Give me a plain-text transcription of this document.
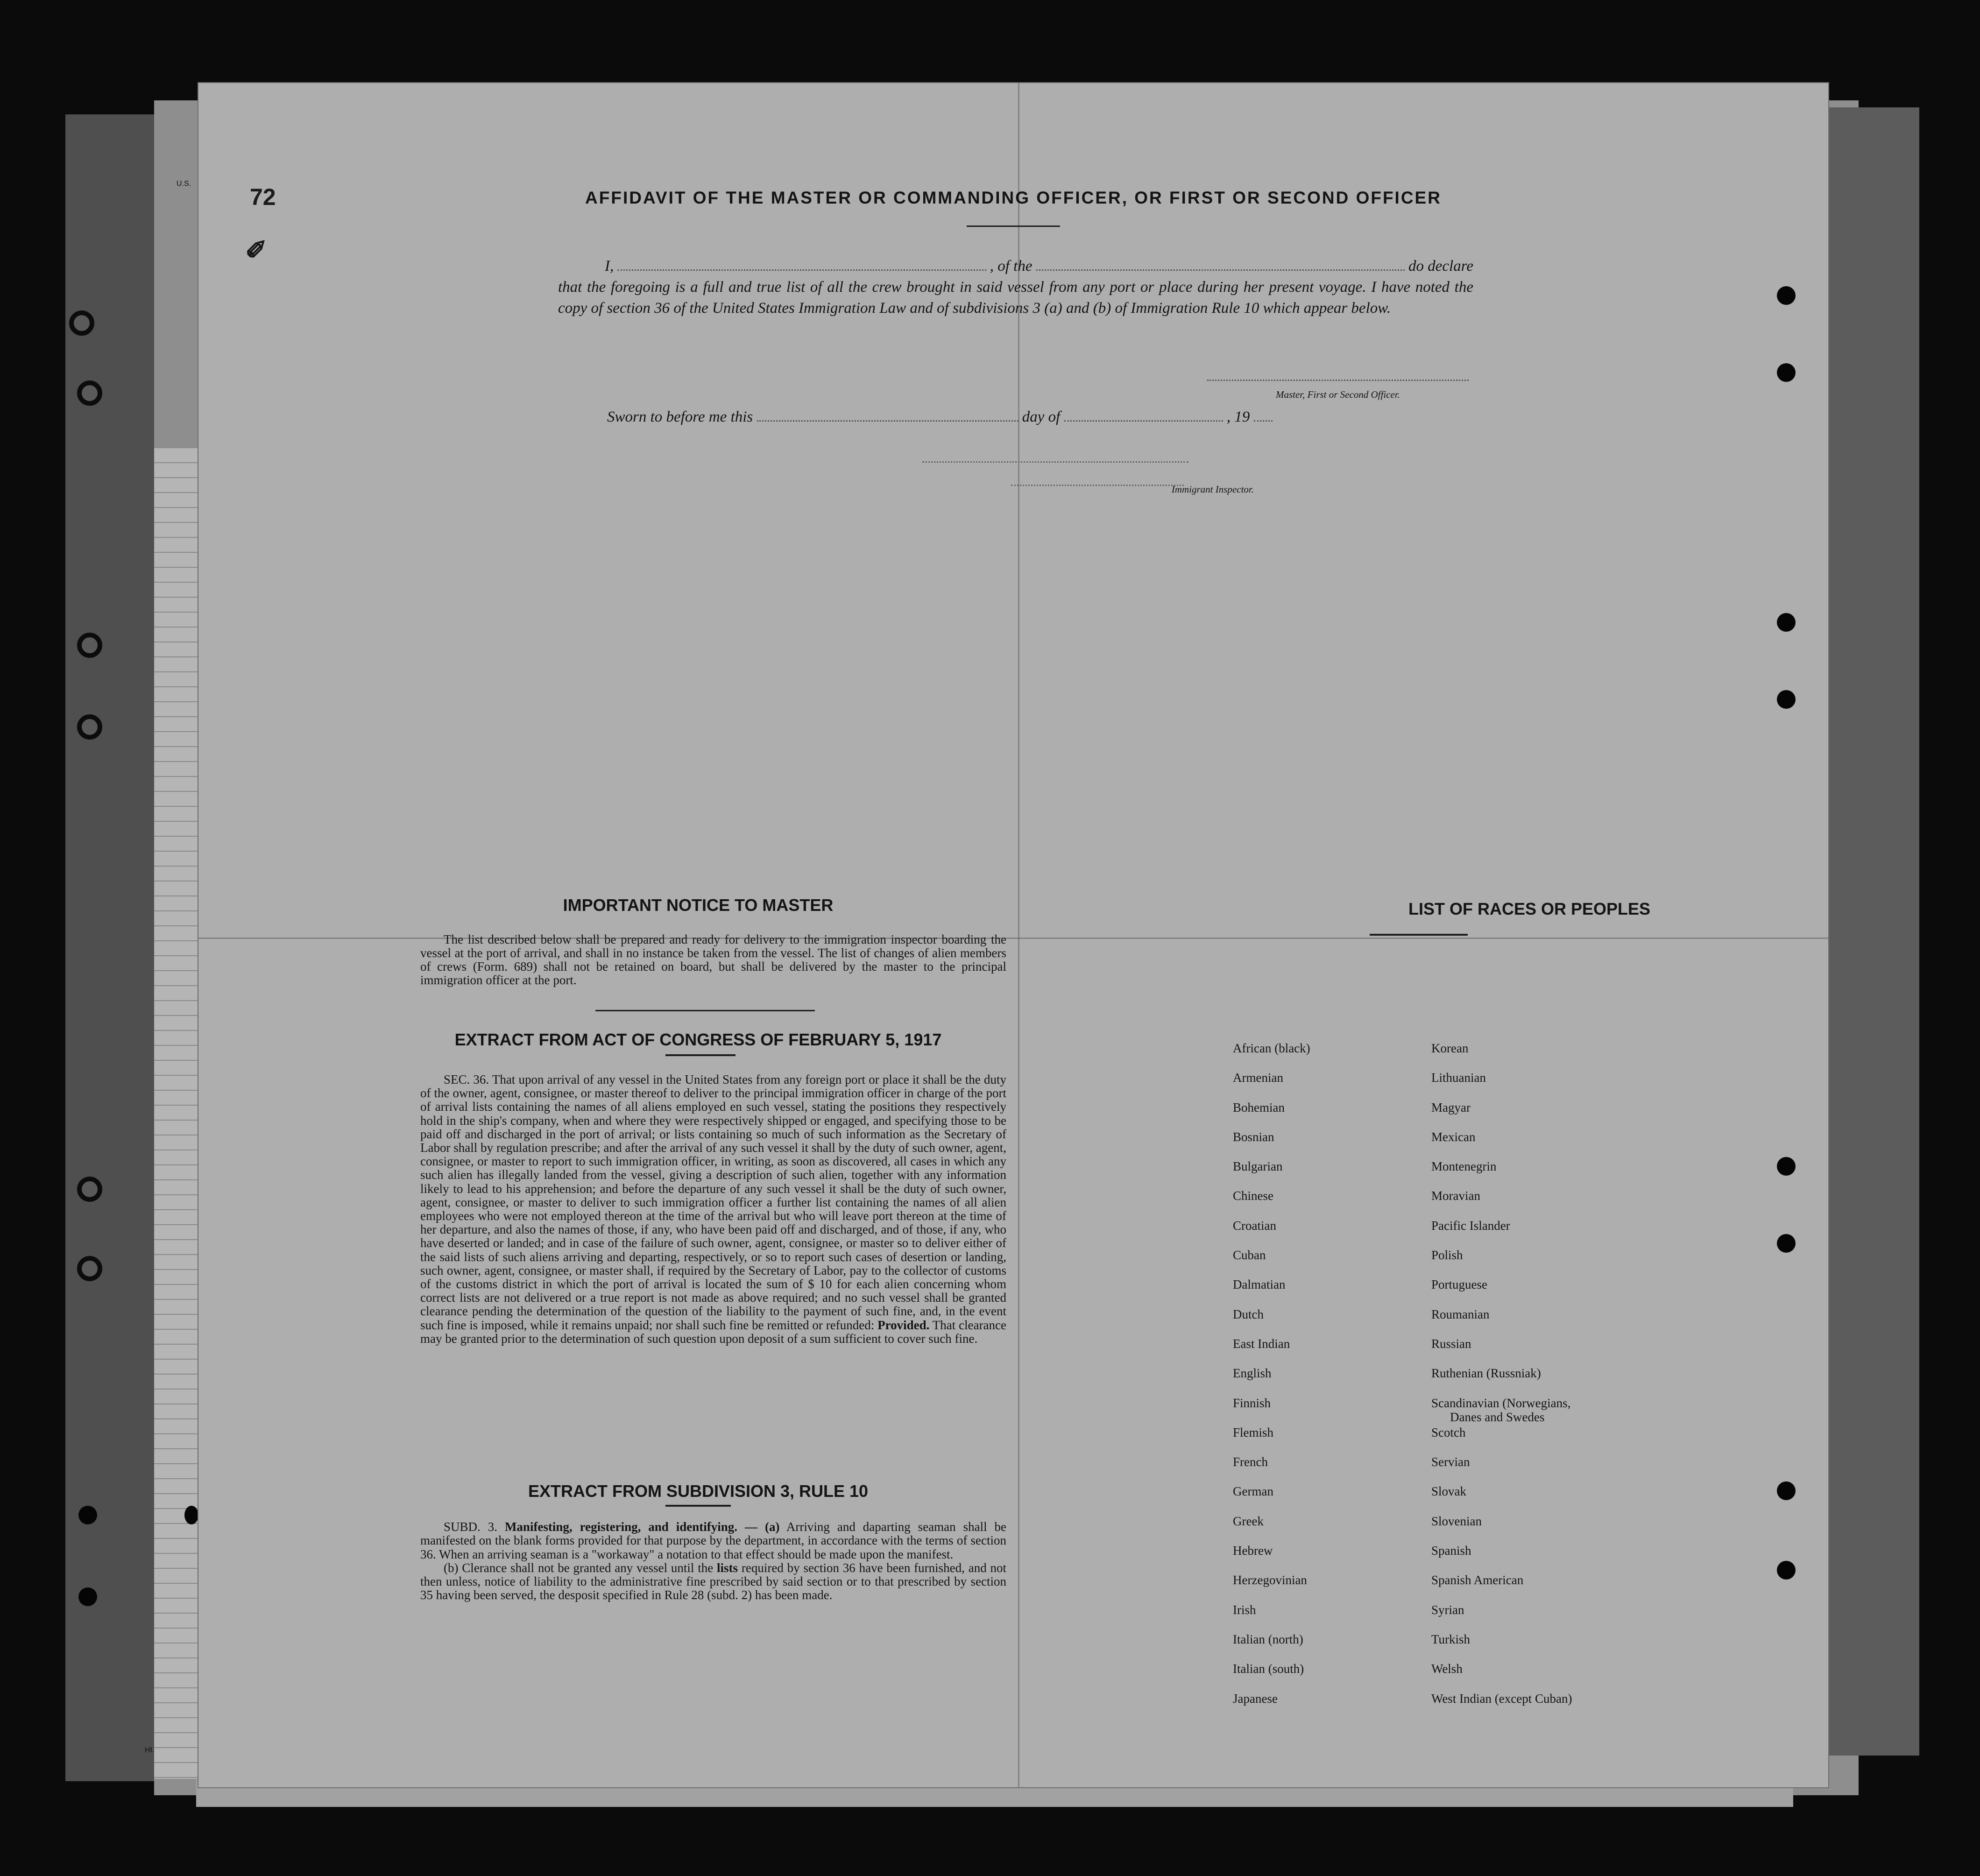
U.S.
HI.
72
✐
AFFIDAVIT OF THE MASTER OR COMMANDING OFFICER, OR FIRST OR SECOND OFFICER
I,	, of the	do declare
that the foregoing is a full and true list of all the crew brought in said vessel from any port or place during her present voyage. I have noted the copy of section 36 of the United States Immigration Law and of subdivisions 3 (a) and (b) of Immigration Rule 10 which appear below.
Master, First or Second Officer.
Sworn to before me this	day of	, 19
Immigrant Inspector.
IMPORTANT NOTICE TO MASTER
The list described below shall be prepared and ready for delivery to the immigration inspector boarding the vessel at the port of arrival, and shall in no instance be taken from the vessel. The list of changes of alien members of crews (Form. 689) shall not be retained on board, but shall be delivered by the master to the principal immigration officer at the port.
EXTRACT FROM ACT OF CONGRESS OF FEBRUARY 5, 1917
SEC. 36. That upon arrival of any vessel in the United States from any foreign port or place it shall be the duty of the owner, agent, consignee, or master thereof to deliver to the principal immigration officer in charge of the port of arrival lists containing the names of all aliens employed en such vessel, stating the positions they respectively hold in the ship's company, when and where they were respectively shipped or engaged, and specifying those to be paid off and discharged in the port of arrival; or lists containing so much of such information as the Secretary of Labor shall by regulation prescribe; and after the arrival of any such vessel it shall by the duty of such owner, agent, consignee, or master to report to such immigration officer, in writing, as soon as discovered, all cases in which any such alien has illegally landed from the vessel, giving a description of such alien, together with any information likely to lead to his apprehension; and before the departure of any such vessel it shall be the duty of such owner, agent, consignee, or master to deliver to such immigration officer a further list containing the names of all alien employees who were not employed thereon at the time of the arrival but who will leave port thereon at the time of her departure, and also the names of those, if any, who have been paid off and discharged, and of those, if any, who have deserted or landed; and in case of the failure of such owner, agent, consignee, or master so to deliver either of the said lists of such aliens arriving and departing, respectively, or so to report such cases of desertion or landing, such owner, agent, consignee, or master shall, if required by the Secretary of Labor, pay to the collector of customs of the customs district in which the port of arrival is located the sum of $ 10 for each alien concerning whom correct lists are not delivered or a true report is not made as above required; and no such vessel shall be granted clearance pending the determination of the question of the liability to the payment of such fine, and, in the event such fine is imposed, while it remains unpaid; nor shall such fine be remitted or refunded: Provided. That clearance may be granted prior to the determination of such question upon deposit of a sum sufficient to cover such fine.
EXTRACT FROM SUBDIVISION 3, RULE 10

SUBD. 3. Manifesting, registering, and identifying. — (a) Arriving and daparting seaman shall be manifested on the blank forms provided for that purpose by the department, in accordance with the terms of section 36. When an arriving seaman is a "workaway" a notation to that effect should be made upon the manifest.

(b) Clerance shall not be granted any vessel until the lists required by section 36 have been furnished, and not then unless, notice of liability to the administrative fine prescribed by said section or to that prescribed by section 35 having been served, the desposit specified in Rule 28 (subd. 2) has been made.

LIST OF RACES OR PEOPLES
African (black)
Armenian
Bohemian
Bosnian
Bulgarian
Chinese
Croatian
Cuban
Dalmatian
Dutch
East Indian
English
Finnish
Flemish
French
German
Greek
Hebrew
Herzegovinian
Irish
Italian (north)
Italian (south)
Japanese
Korean
Lithuanian
Magyar
Mexican
Montenegrin
Moravian
Pacific Islander
Polish
Portuguese
Roumanian
Russian
Ruthenian (Russniak)
Scandinavian (Norwegians,
Danes and Swedes
Scotch
Servian
Slovak
Slovenian
Spanish
Spanish American
Syrian
Turkish
Welsh
West Indian (except Cuban)
